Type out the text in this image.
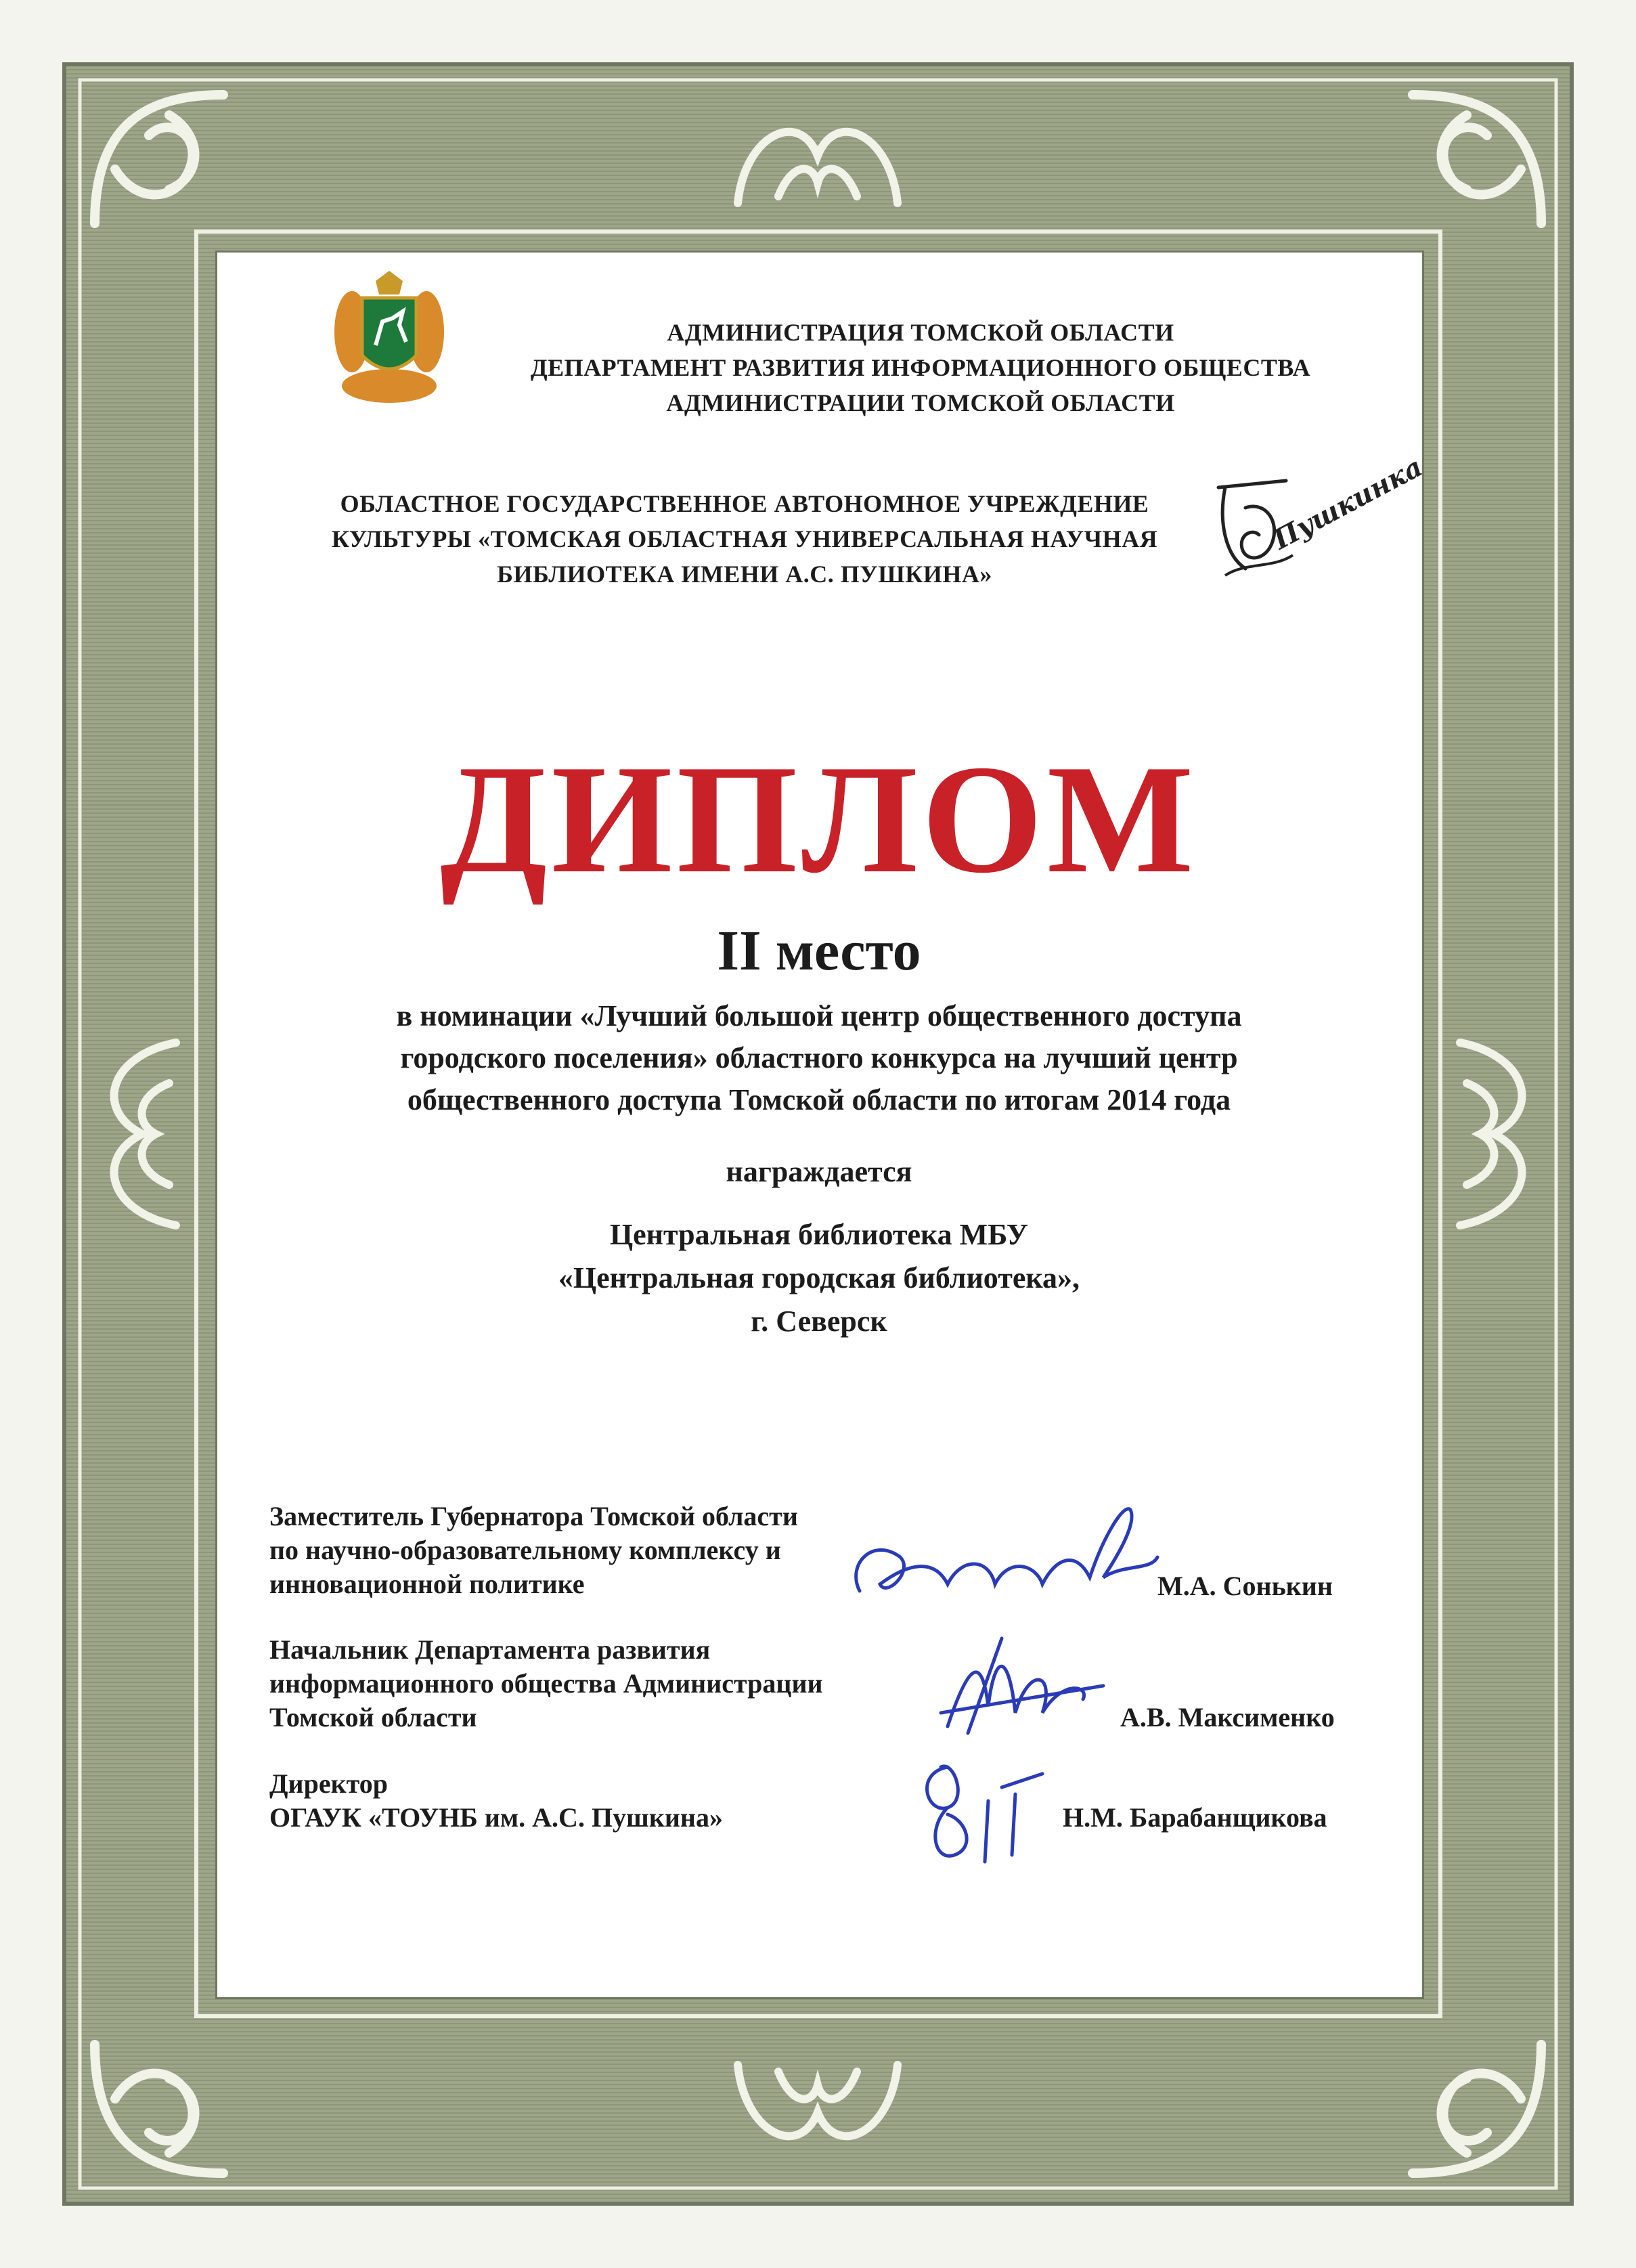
АДМИНИСТРАЦИЯ ТОМСКОЙ ОБЛАСТИ
ДЕПАРТАМЕНТ РАЗВИТИЯ ИНФОРМАЦИОННОГО ОБЩЕСТВА
АДМИНИСТРАЦИИ ТОМСКОЙ ОБЛАСТИ
ОБЛАСТНОЕ ГОСУДАРСТВЕННОЕ АВТОНОМНОЕ УЧРЕЖДЕНИЕ
КУЛЬТУРЫ «ТОМСКАЯ ОБЛАСТНАЯ УНИВЕРСАЛЬНАЯ НАУЧНАЯ
БИБЛИОТЕКА ИМЕНИ А.С. ПУШКИНА»
Пушкинка
ДИПЛОМ
II место
в номинации «Лучший большой центр общественного доступа
городского поселения» областного конкурса на лучший центр
общественного доступа Томской области по итогам 2014 года
награждается
Центральная библиотека МБУ
«Центральная городская библиотека»,
г. Северск
Заместитель Губернатора Томской области
по научно-образовательному комплексу и
инновационной политике	М.А. Сонькин
Начальник Департамента развития
информационного общества Администрации
Томской области	А.В. Максименко
Директор
ОГАУК «ТОУНБ им. А.С. Пушкина»	Н.М. Барабанщикова
